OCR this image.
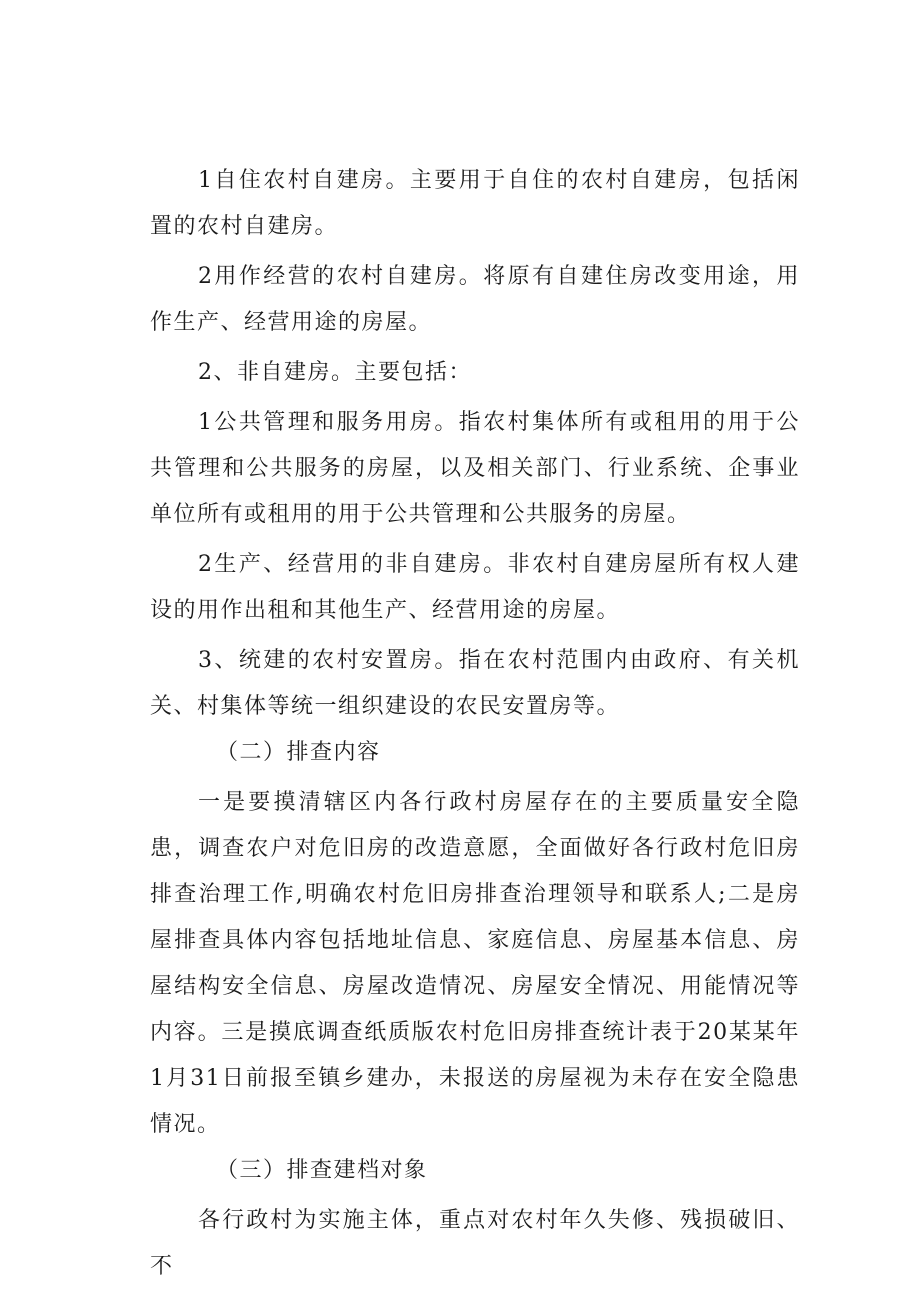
1自住农村自建房。主要用于自住的农村自建房，包括闲置的农村自建房。

2用作经营的农村自建房。将原有自建住房改变用途，用作生产、经营用途的房屋。

2、非自建房。主要包括：

1公共管理和服务用房。指农村集体所有或租用的用于公共管理和公共服务的房屋，以及相关部门、行业系统、企事业单位所有或租用的用于公共管理和公共服务的房屋。

2生产、经营用的非自建房。非农村自建房屋所有权人建设的用作出租和其他生产、经营用途的房屋。

3、统建的农村安置房。指在农村范围内由政府、有关机关、村集体等统一组织建设的农民安置房等。

（二）排查内容

一是要摸清辖区内各行政村房屋存在的主要质量安全隐患，调查农户对危旧房的改造意愿，全面做好各行政村危旧房排查治理工作,明确农村危旧房排查治理领导和联系人;二是房屋排查具体内容包括地址信息、家庭信息、房屋基本信息、房屋结构安全信息、房屋改造情况、房屋安全情况、用能情况等内容。三是摸底调查纸质版农村危旧房排查统计表于20某某年1月31日前报至镇乡建办，未报送的房屋视为未存在安全隐患情况。

（三）排查建档对象

各行政村为实施主体，重点对农村年久失修、残损破旧、不
